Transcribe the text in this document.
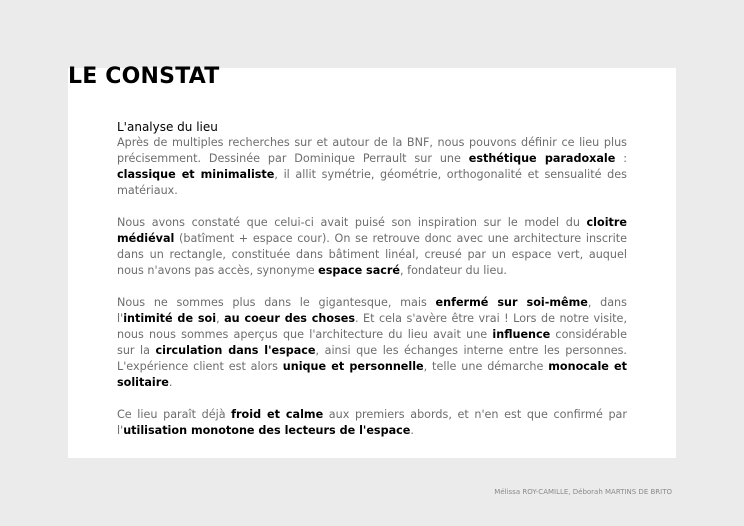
LE CONSTAT
L'analyse du lieu

Après de multiples recherches sur et autour de la BNF, nous pouvons définir ce lieu plus précisemment. Dessinée par Dominique Perrault sur une esthétique paradoxale : classique et minimaliste, il allit symétrie, géométrie, orthogonalité et sensualité des matériaux.

Nous avons constaté que celui-ci avait puisé son inspiration sur le model du cloitre médiéval (batîment + espace cour). On se retrouve donc avec une architecture inscrite dans un rectangle, constituée dans bâtiment linéal, creusé par un espace vert, auquel nous n'avons pas accès, synonyme espace sacré, fondateur du lieu.

Nous ne sommes plus dans le gigantesque, mais enfermé sur soi-même, dans l'intimité de soi, au coeur des choses. Et cela s'avère être vrai ! Lors de notre visite, nous nous sommes aperçus que l'architecture du lieu avait une influence considérable sur la circulation dans l'espace, ainsi que les échanges interne entre les personnes. L'expérience client est alors unique et personnelle, telle une démarche monocale et solitaire.

Ce lieu paraît déjà froid et calme aux premiers abords, et n'en est que confirmé par l'utilisation monotone des lecteurs de l'espace.

Mélissa ROY-CAMILLE, Déborah MARTINS DE BRITO
